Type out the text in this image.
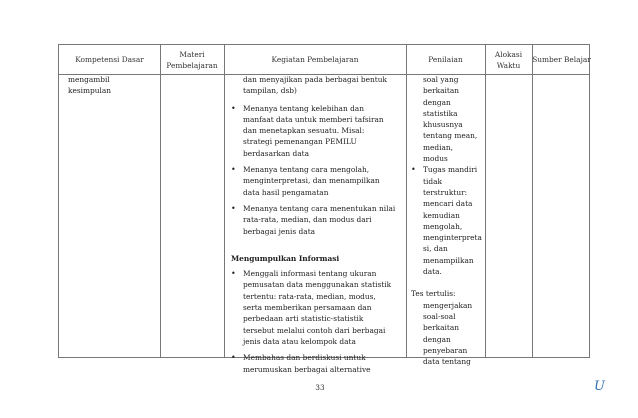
Kompetensi Dasar
Materi Pembelajaran
Kegiatan Pembelajaran	Penilaian
Alokasi Waktu
Sumber Belajar
mengambil
kesimpulan
dan menyajikan pada berbagai bentuk
tampilan, dsb)
• Menanya tentang kelebihan dan
manfaat data untuk memberi tafsiran
dan menetapkan sesuatu. Misal:
strategi pemenangan PEMILU
berdasarkan data
• Menanya tentang cara mengolah,
menginterpretasi, dan menampilkan
data hasil pengamatan
• Menanya tentang cara menentukan nilai
rata-rata, median, dan modus dari
berbagai jenis data
Mengumpulkan Informasi
• Menggali informasi tentang ukuran
pemusatan data menggunakan statistik
tertentu: rata-rata, median, modus,
serta memberikan persamaan dan
perbedaan arti statistic-statistik
tersebut melalui contoh dari berbagai
jenis data atau kelompok data
• Membahas dan berdiskusi untuk
merumuskan berbagai alternative
soal yang
berkaitan
dengan
statistika
khususnya
tentang mean,
median,
modus
• Tugas mandiri
tidak
terstruktur:
mencari data
kemudian
mengolah,
menginterpreta
si, dan
menampilkan
data.
Tes tertulis:
mengerjakan
soal-soal
berkaitan
dengan
penyebaran
data tentang
33	U
